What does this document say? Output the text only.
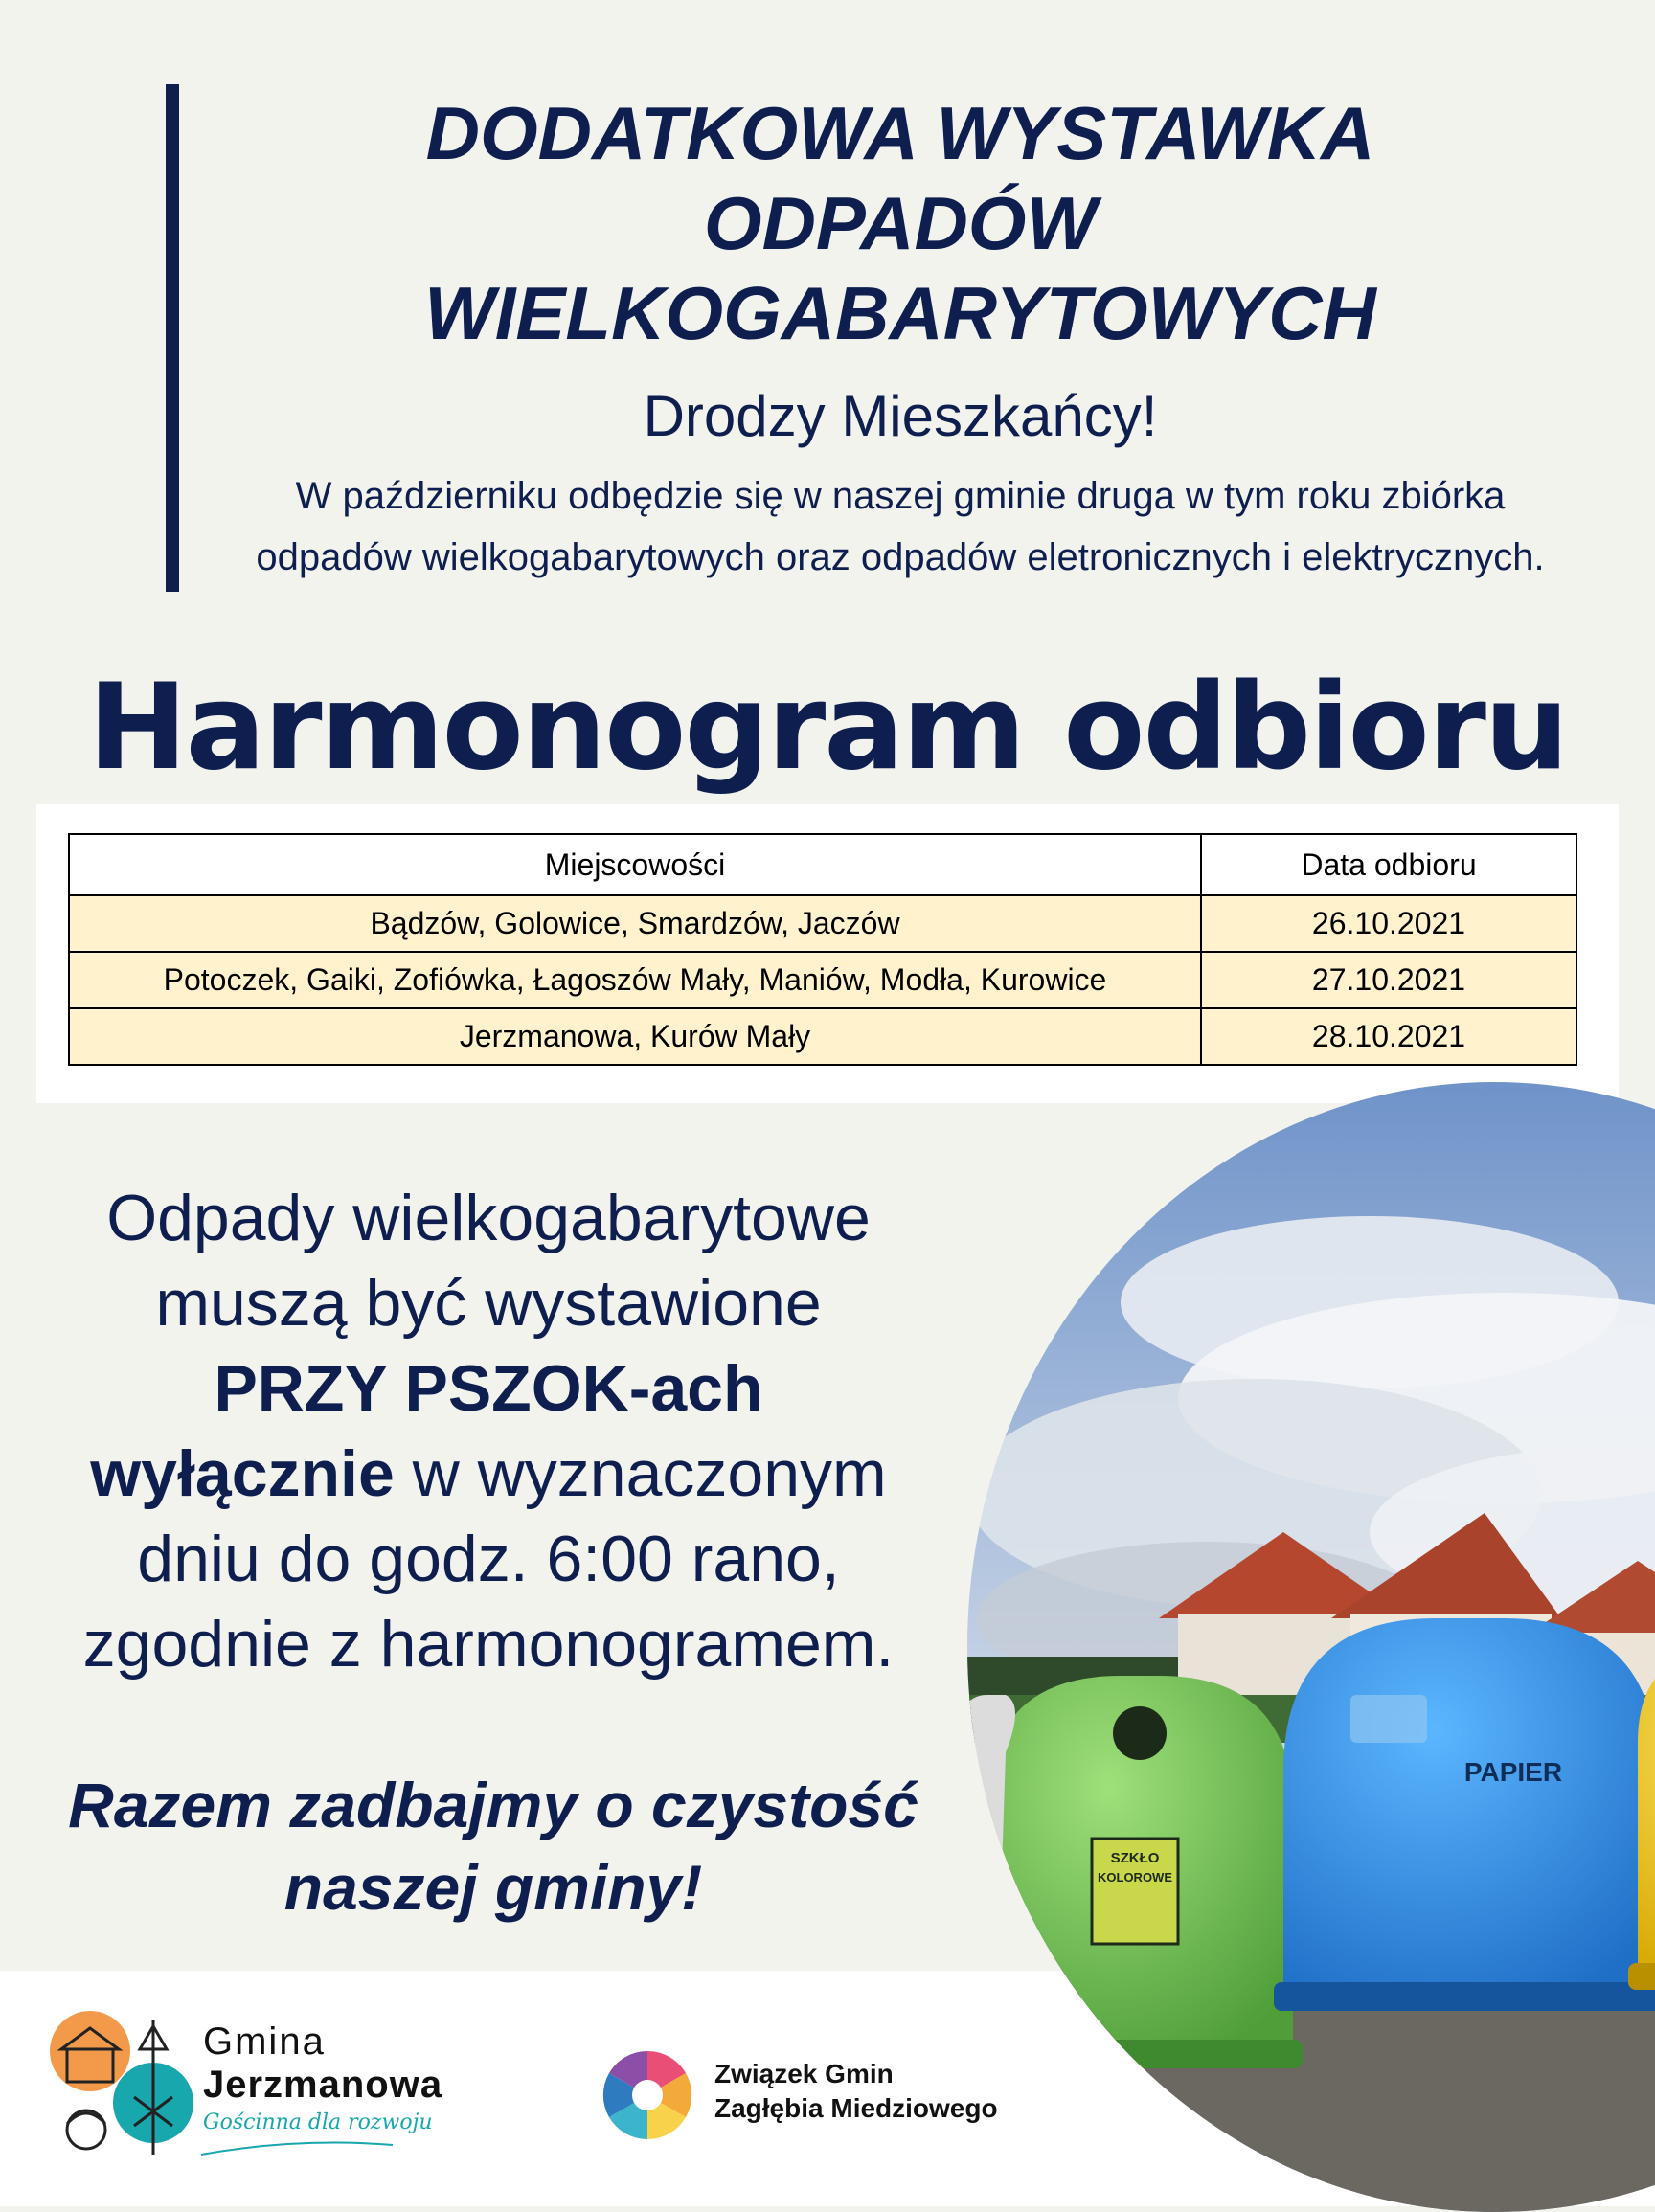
DODATKOWA WYSTAWKA
ODPADÓW
WIELKOGABARYTOWYCH
Drodzy Mieszkańcy!

W październiku odbędzie się w naszej gminie druga w tym roku zbiórka odpadów wielkogabarytowych oraz odpadów eletronicznych i elektrycznych.

Harmonogram odbioru
Miejscowości	Data odbioru
Bądzów, Golowice, Smardzów, Jaczów	26.10.2021
Potoczek, Gaiki, Zofiówka, Łagoszów Mały, Maniów, Modła, Kurowice	27.10.2021
Jerzmanowa, Kurów Mały	28.10.2021
SZKŁO
KOLOROWE
PAPIER
Odpady wielkogabarytowe
muszą być wystawione
PRZY PSZOK-ach
wyłącznie w wyznaczonym
dniu do godz. 6:00 rano,
zgodnie z harmonogramem.
Razem zadbajmy o czystość
naszej gminy!
Gmina
Jerzmanowa
Gościnna dla rozwoju
Związek Gmin
Zagłębia Miedziowego
